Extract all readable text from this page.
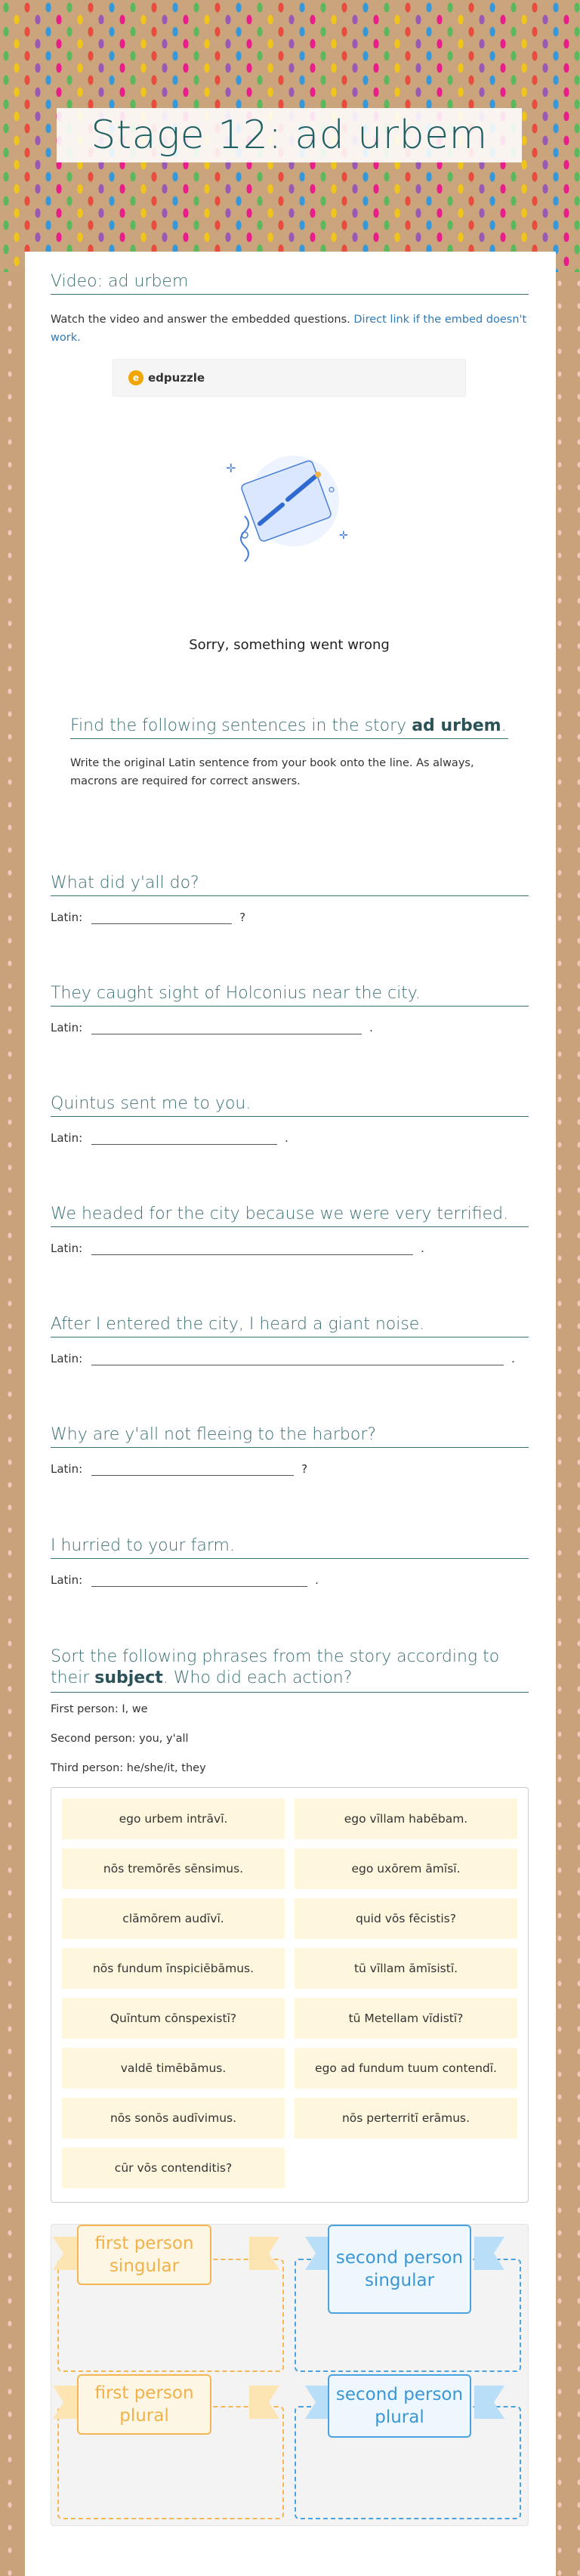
Stage 12: ad urbem
Video: ad urbem
Watch the video and answer the embedded questions. Direct link if the embed doesn't work.
e edpuzzle
✛
✛
Sorry, something went wrong
Find the following sentences in the story ad urbem.
Write the original Latin sentence from your book onto the line. As always, macrons are required for correct answers.
What did y'all do?
Latin:	?
They caught sight of Holconius near the city.
Latin:	.
Quintus sent me to you.
Latin:	.
We headed for the city because we were very terrified.
Latin:	.
After I entered the city, I heard a giant noise.
Latin:	.
Why are y'all not fleeing to the harbor?
Latin:	?
I hurried to your farm.
Latin:	.
Sort the following phrases from the story according to their subject. Who did each action?
First person: I, we
Second person: you, y'all
Third person: he/she/it, they
ego urbem intrāvī.	ego vīllam habēbam.
nōs tremōrēs sēnsimus.	ego uxōrem āmīsī.
clāmōrem audīvī.	quid vōs fēcistis?
nōs fundum īnspiciēbāmus.	tū vīllam āmīsistī.
Quīntum cōnspexistī?	tū Metellam vīdistī?
valdē timēbāmus.	ego ad fundum tuum contendī.
nōs sonōs audīvimus.	nōs perterritī erāmus.
cūr vōs contenditis?
first person singular	second person singular
first person plural
second person plural
